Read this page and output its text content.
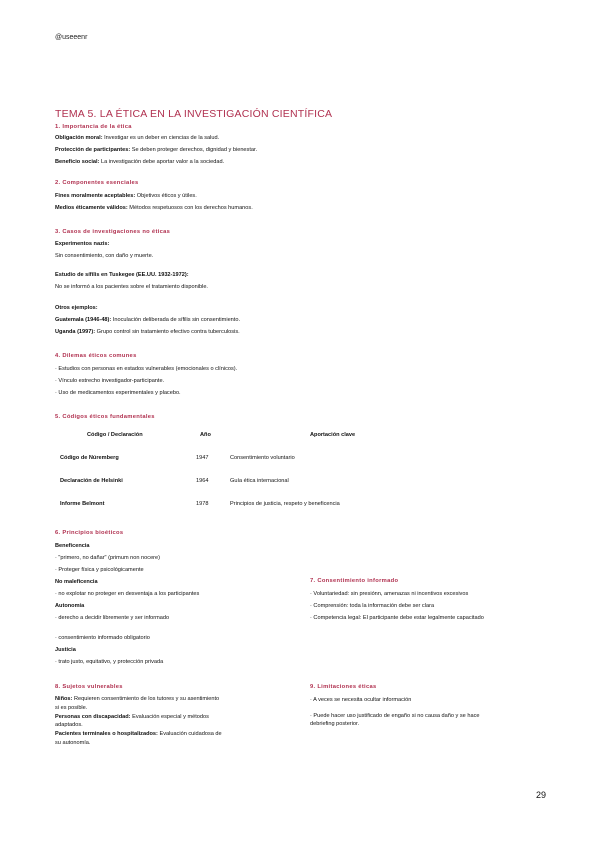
@useeenr
TEMA 5. LA ÉTICA EN LA INVESTIGACIÓN CIENTÍFICA
1. Importancia de la ética
Obligación moral: Investigar es un deber en ciencias de la salud.
Protección de participantes: Se deben proteger derechos, dignidad y bienestar.
Beneficio social: La investigación debe aportar valor a la sociedad.
2. Componentes esenciales
Fines moralmente aceptables: Objetivos éticos y útiles.
Medios éticamente válidos: Métodos respetuosos con los derechos humanos.
3. Casos de investigaciones no éticas
Experimentos nazis:
Sin consentimiento, con daño y muerte.
Estudio de sífilis en Tuskegee (EE.UU. 1932-1972):
No se informó a los pacientes sobre el tratamiento disponible.
Otros ejemplos:
Guatemala (1946-48): Inoculación deliberada de sífilis sin consentimiento.
Uganda (1997): Grupo control sin tratamiento efectivo contra tuberculosis.
4. Dilemas éticos comunes
· Estudios con personas en estados vulnerables (emocionales o clínicos).
· Vínculo estrecho investigador-participante.
· Uso de medicamentos experimentales y placebo.
5. Códigos éticos fundamentales
Código / Declaración	Año	Aportación clave
Código de Núremberg	1947	Consentimiento voluntario
Declaración de Helsinki	1964	Guía ética internacional
Informe Belmont	1978	Principios de justicia, respeto y beneficencia
6. Principios bioéticos
Beneficencia
· "primero, no dañar" (primum non nocere)
· Proteger física y psicológicamente
No maleficencia
· no explotar no proteger en desventaja a los participantes
Autonomía
· derecho a decidir libremente y ser informado
· consentimiento informado obligatorio
Justicia
· trato justo, equitativo, y protección privada
7. Consentimiento informado
· Voluntariedad: sin presiónn, amenazas ni incentivos excesivos
· Comprensión: toda la información debe ser clara
· Competencia legal: El participante debe estar legalmente capacitado
8. Sujetos vulnerables
Niños: Requieren consentimiento de los tutores y su asentimiento
si es posible.
Personas con discapacidad: Evaluación especial y métodos
adaptados.
Pacientes terminales o hospitalizados: Evaluación cuidadosa de
su autonomía.
9. Limitaciones éticas
· A veces se necesita ocultar información
· Puede hacer uso justificado de engaño si no causa daño y se hace
debriefing posterior.
29
